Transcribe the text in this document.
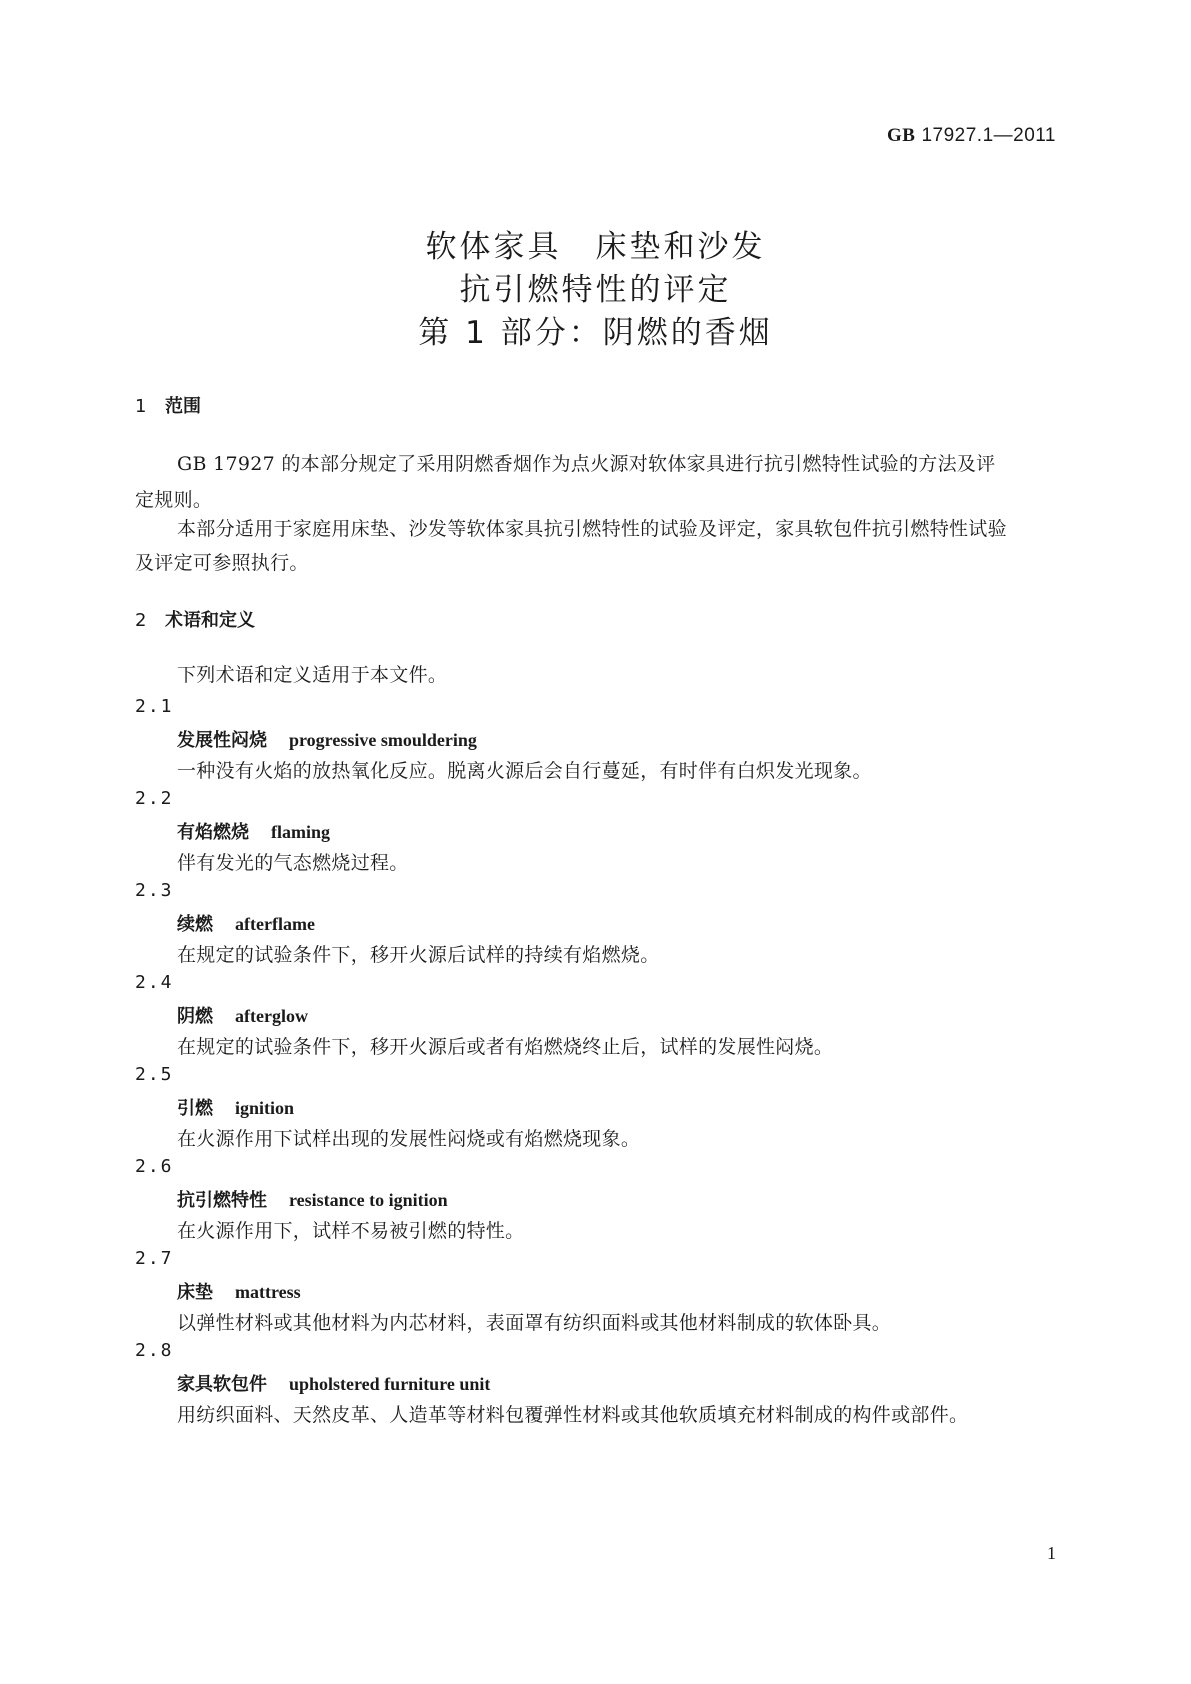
GB 17927.1—2011
软体家具　床垫和沙发
抗引燃特性的评定
第 1 部分：阴燃的香烟
1 范围
GB 17927 的本部分规定了采用阴燃香烟作为点火源对软体家具进行抗引燃特性试验的方法及评
定规则。
本部分适用于家庭用床垫、沙发等软体家具抗引燃特性的试验及评定，家具软包件抗引燃特性试验
及评定可参照执行。
2 术语和定义
下列术语和定义适用于本文件。
2.1
发展性闷烧 progressive smouldering
一种没有火焰的放热氧化反应。脱离火源后会自行蔓延，有时伴有白炽发光现象。
2.2
有焰燃烧 flaming
伴有发光的气态燃烧过程。
2.3
续燃 afterflame
在规定的试验条件下，移开火源后试样的持续有焰燃烧。
2.4
阴燃 afterglow
在规定的试验条件下，移开火源后或者有焰燃烧终止后，试样的发展性闷烧。
2.5
引燃 ignition
在火源作用下试样出现的发展性闷烧或有焰燃烧现象。
2.6
抗引燃特性 resistance to ignition
在火源作用下，试样不易被引燃的特性。
2.7
床垫 mattress
以弹性材料或其他材料为内芯材料，表面罩有纺织面料或其他材料制成的软体卧具。
2.8
家具软包件 upholstered furniture unit
用纺织面料、天然皮革、人造革等材料包覆弹性材料或其他软质填充材料制成的构件或部件。
1
